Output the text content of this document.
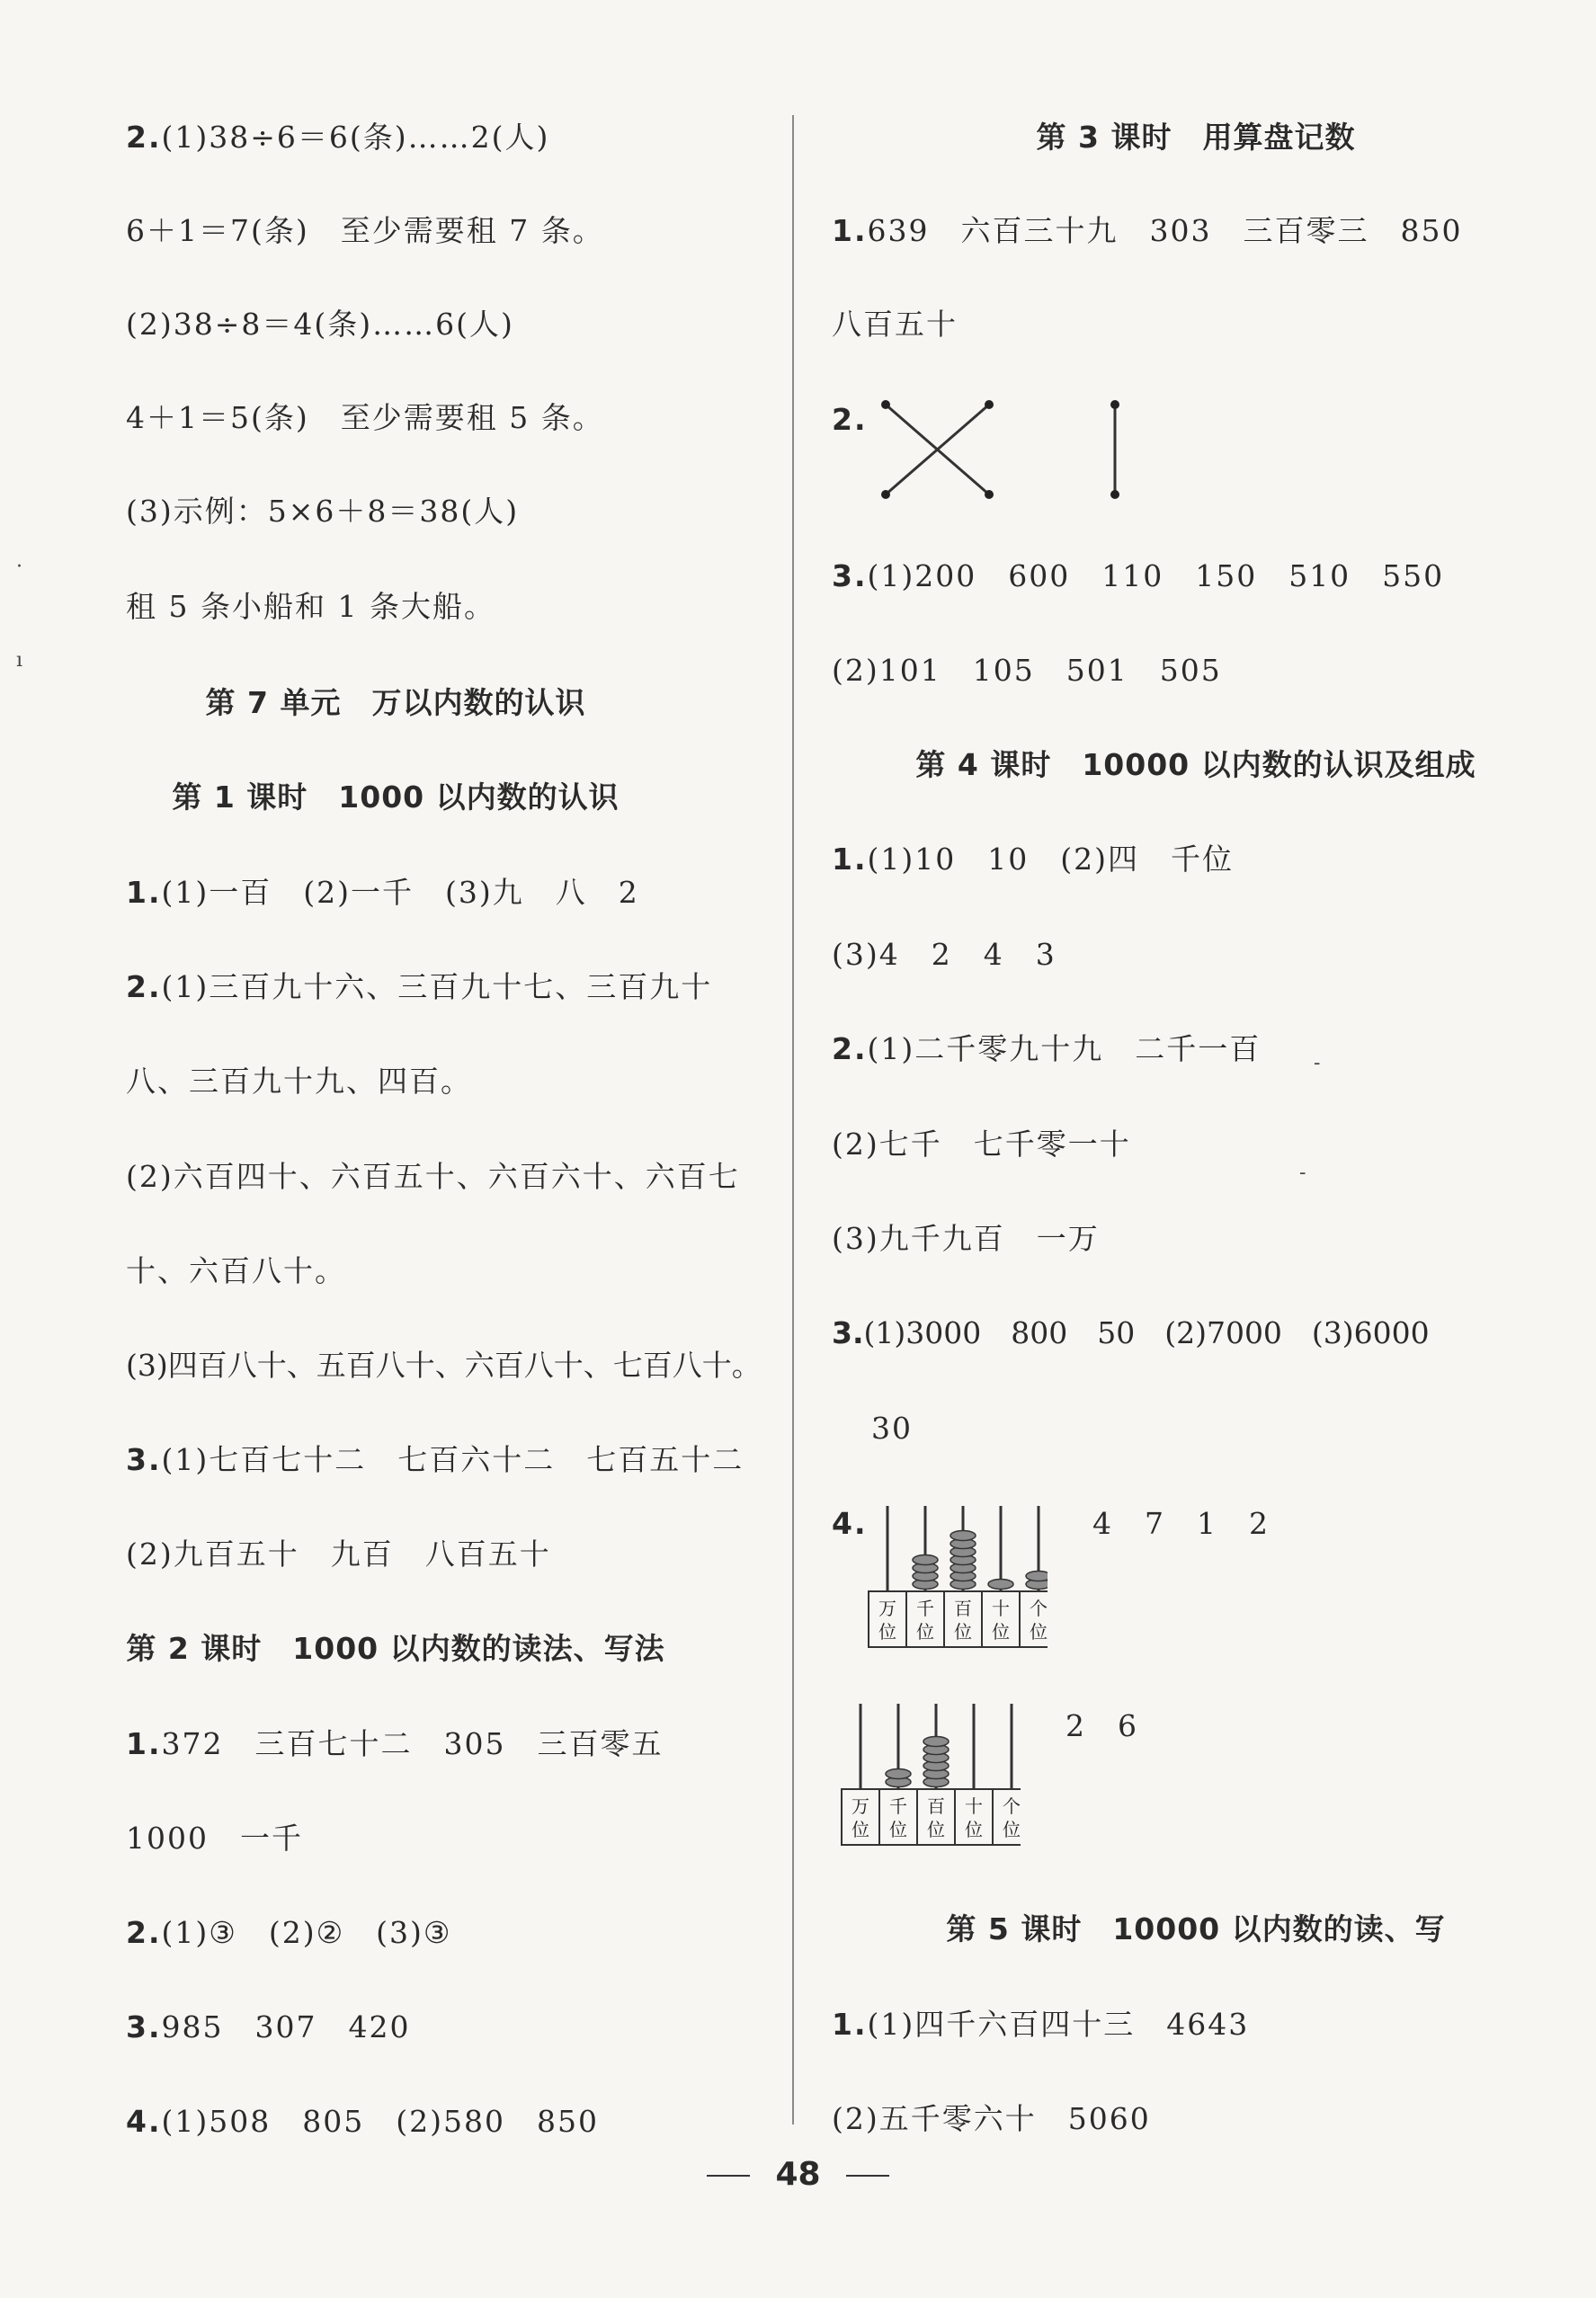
2.(1)38÷6＝6(条)……2(人)
6＋1＝7(条)　至少需要租 7 条。
(2)38÷8＝4(条)……6(人)
4＋1＝5(条)　至少需要租 5 条。
(3)示例：5×6＋8＝38(人)
租 5 条小船和 1 条大船。
第 7 单元　万以内数的认识
第 1 课时　1000 以内数的认识
1.(1)一百　(2)一千　(3)九　八　2
2.(1)三百九十六、三百九十七、三百九十
八、三百九十九、四百。
(2)六百四十、六百五十、六百六十、六百七
十、六百八十。
(3)四百八十、五百八十、六百八十、七百八十。
3.(1)七百七十二　七百六十二　七百五十二
(2)九百五十　九百　八百五十
第 2 课时　1000 以内数的读法、写法
1.372　三百七十二　305　三百零五
1000　一千
2.(1)③　(2)②　(3)③
3.985　307　420
4.(1)508　805　(2)580　850
·
ı
第 3 课时　用算盘记数
1.639　六百三十九　303　三百零三　850
八百五十
2.
3.(1)200　600　110　150　510　550
(2)101　105　501　505
第 4 课时　10000 以内数的认识及组成
1.(1)10　10　(2)四　千位
(3)4　2　4　3
2.(1)二千零九十九　二千一百
(2)七千　七千零一十
(3)九千九百　一万
3.(1)3000　800　50　(2)7000　(3)6000
30
4.
万
位
千
位
百
位
十
位
个
位
4　7　1　2
万
位
千
位
百
位
十
位
个
位
2　6
第 5 课时　10000 以内数的读、写
1.(1)四千六百四十三　4643
(2)五千零六十　5060
-
-
48
